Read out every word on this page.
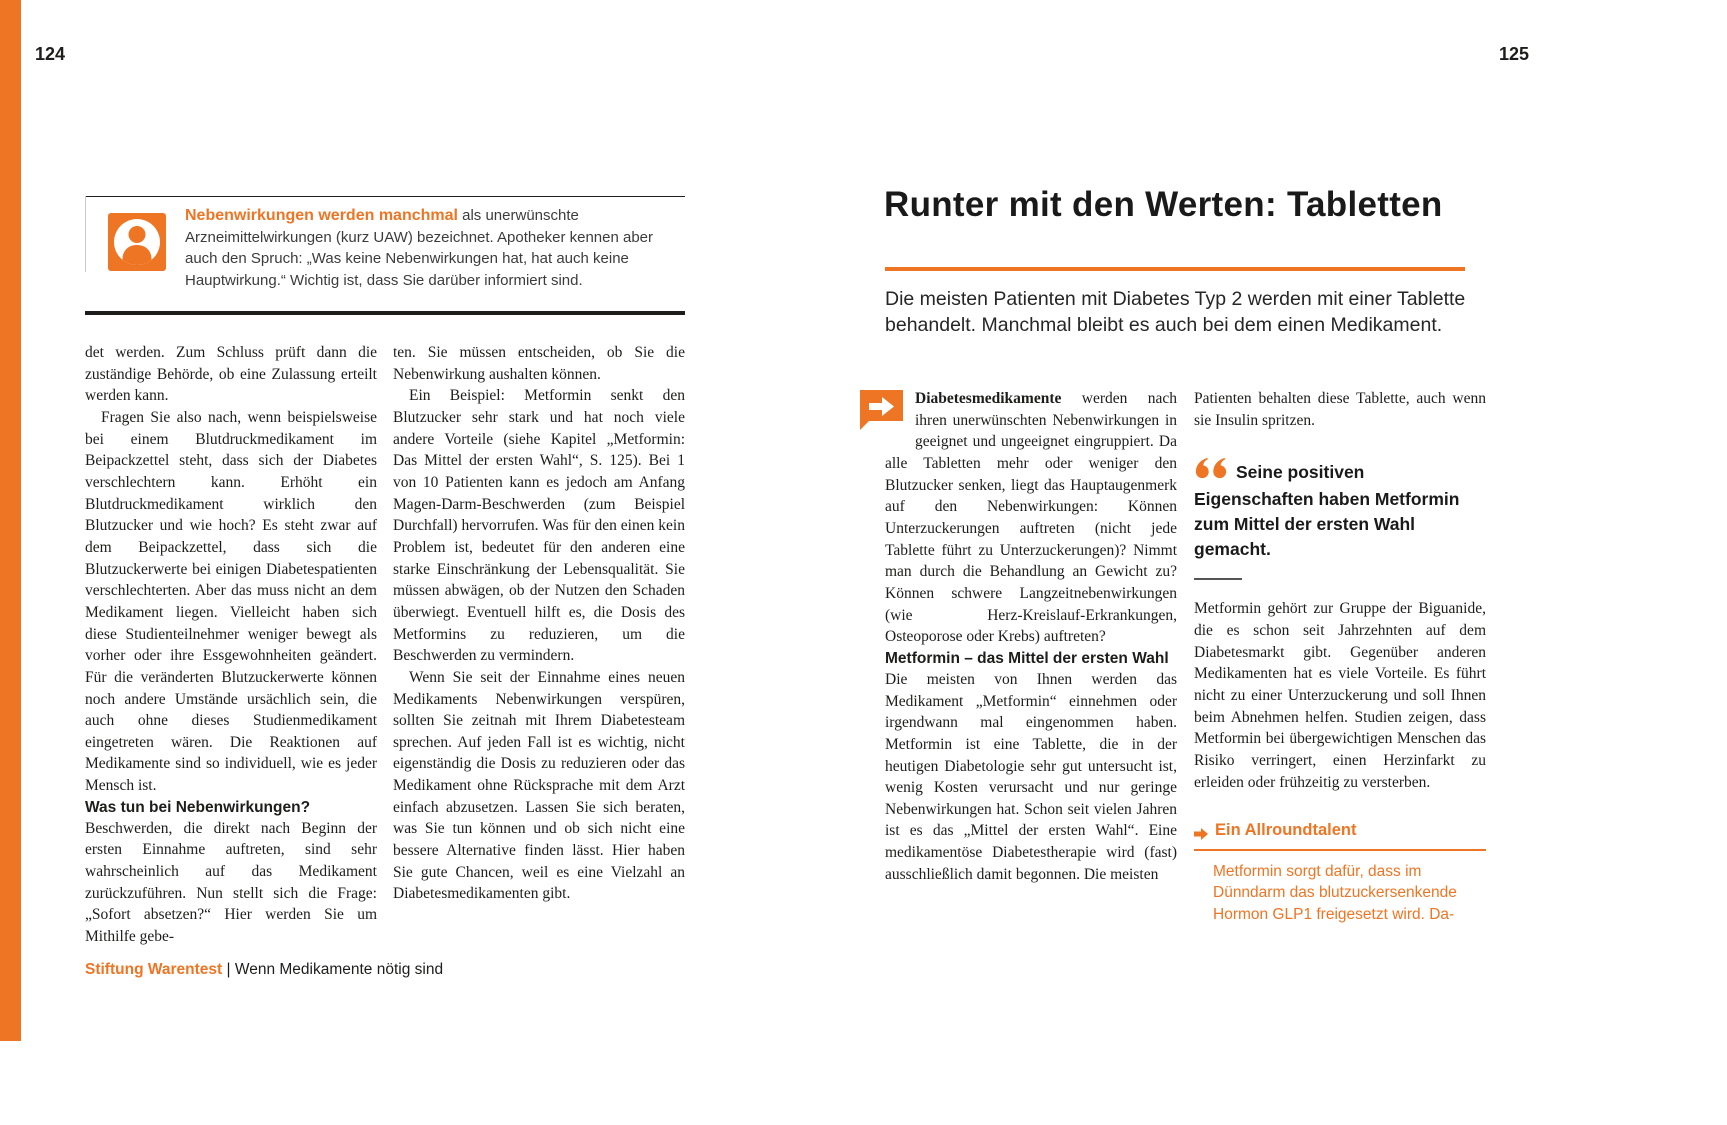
124	125
Nebenwirkungen werden manchmal als unerwünschte Arzneimittelwirkungen (kurz UAW) bezeichnet. Apotheker kennen aber auch den Spruch: „Was keine Nebenwirkungen hat, hat auch keine Hauptwirkung.“ Wichtig ist, dass Sie darüber informiert sind.

det werden. Zum Schluss prüft dann die zuständige Behörde, ob eine Zulassung erteilt werden kann.

Fragen Sie also nach, wenn beispielsweise bei einem Blutdruckmedikament im Beipackzettel steht, dass sich der Diabetes verschlechtern kann. Erhöht ein Blutdruckmedikament wirklich den Blutzucker und wie hoch? Es steht zwar auf dem Beipackzettel, dass sich die Blutzuckerwerte bei einigen Diabetespatienten verschlechterten. Aber das muss nicht an dem Medikament liegen. Vielleicht haben sich diese Studienteilnehmer weniger bewegt als vorher oder ihre Essgewohnheiten geändert. Für die veränderten Blutzuckerwerte können noch andere Umstände ursächlich sein, die auch ohne dieses Studienmedikament eingetreten wären. Die Reaktionen auf Medikamente sind so individuell, wie es jeder Mensch ist.

Was tun bei Nebenwirkungen?

Beschwerden, die direkt nach Beginn der ersten Einnahme auftreten, sind sehr wahrscheinlich auf das Medikament zurückzuführen. Nun stellt sich die Frage: „Sofort absetzen?“ Hier werden Sie um Mithilfe gebe-

ten. Sie müssen entscheiden, ob Sie die Nebenwirkung aushalten können.

Ein Beispiel: Metformin senkt den Blutzucker sehr stark und hat noch viele andere Vorteile (siehe Kapitel „Metformin: Das Mittel der ersten Wahl“, S. 125). Bei 1 von 10 Patienten kann es jedoch am Anfang Magen-Darm-Beschwerden (zum Beispiel Durchfall) hervorrufen. Was für den einen kein Problem ist, bedeutet für den anderen eine starke Einschränkung der Lebensqualität. Sie müssen abwägen, ob der Nutzen den Schaden überwiegt. Eventuell hilft es, die Dosis des Metformins zu reduzieren, um die Beschwerden zu vermindern.

Wenn Sie seit der Einnahme eines neuen Medikaments Nebenwirkungen verspüren, sollten Sie zeitnah mit Ihrem Diabetesteam sprechen. Auf jeden Fall ist es wichtig, nicht eigenständig die Dosis zu reduzieren oder das Medikament ohne Rücksprache mit dem Arzt einfach abzusetzen. Lassen Sie sich beraten, was Sie tun können und ob sich nicht eine bessere Alternative finden lässt. Hier haben Sie gute Chancen, weil es eine Vielzahl an Diabetesmedikamenten gibt.

Stiftung Warentest | Wenn Medikamente nötig sind
Runter mit den Werten: Tabletten
Die meisten Patienten mit Diabetes Typ 2 werden mit einer Tablette behandelt. Manchmal bleibt es auch bei dem einen Medikament.

Diabetesmedikamente werden nach ihren unerwünschten Nebenwirkungen in geeignet und ungeeignet eingruppiert. Da alle Tabletten mehr oder weniger den Blutzucker senken, liegt das Hauptaugenmerk auf den Nebenwirkungen: Können Unterzuckerungen auftreten (nicht jede Tablette führt zu Unterzuckerungen)? Nimmt man durch die Behandlung an Gewicht zu? Können schwere Langzeitnebenwirkungen (wie Herz-Kreislauf-Erkrankungen, Osteoporose oder Krebs) auftreten?

Metformin – das Mittel der ersten Wahl

Die meisten von Ihnen werden das Medikament „Metformin“ einnehmen oder irgendwann mal eingenommen haben. Metformin ist eine Tablette, die in der heutigen Diabetologie sehr gut untersucht ist, wenig Kosten verursacht und nur geringe Nebenwirkungen hat. Schon seit vielen Jahren ist es das „Mittel der ersten Wahl“. Eine medikamentöse Diabetestherapie wird (fast) ausschließlich damit begonnen. Die meisten

Patienten behalten diese Tablette, auch wenn sie Insulin spritzen.

Seine positiven Eigenschaften haben Metformin zum Mittel der ersten Wahl gemacht.

Metformin gehört zur Gruppe der Biguanide, die es schon seit Jahrzehnten auf dem Diabetesmarkt gibt. Gegenüber anderen Medikamenten hat es viele Vorteile. Es führt nicht zu einer Unterzuckerung und soll Ihnen beim Abnehmen helfen. Studien zeigen, dass Metformin bei übergewichtigen Menschen das Risiko verringert, einen Herzinfarkt zu erleiden oder frühzeitig zu versterben.

Ein Allroundtalent
Metformin sorgt dafür, dass im Dünndarm das blutzuckersenkende Hormon GLP1 freigesetzt wird. Da-
